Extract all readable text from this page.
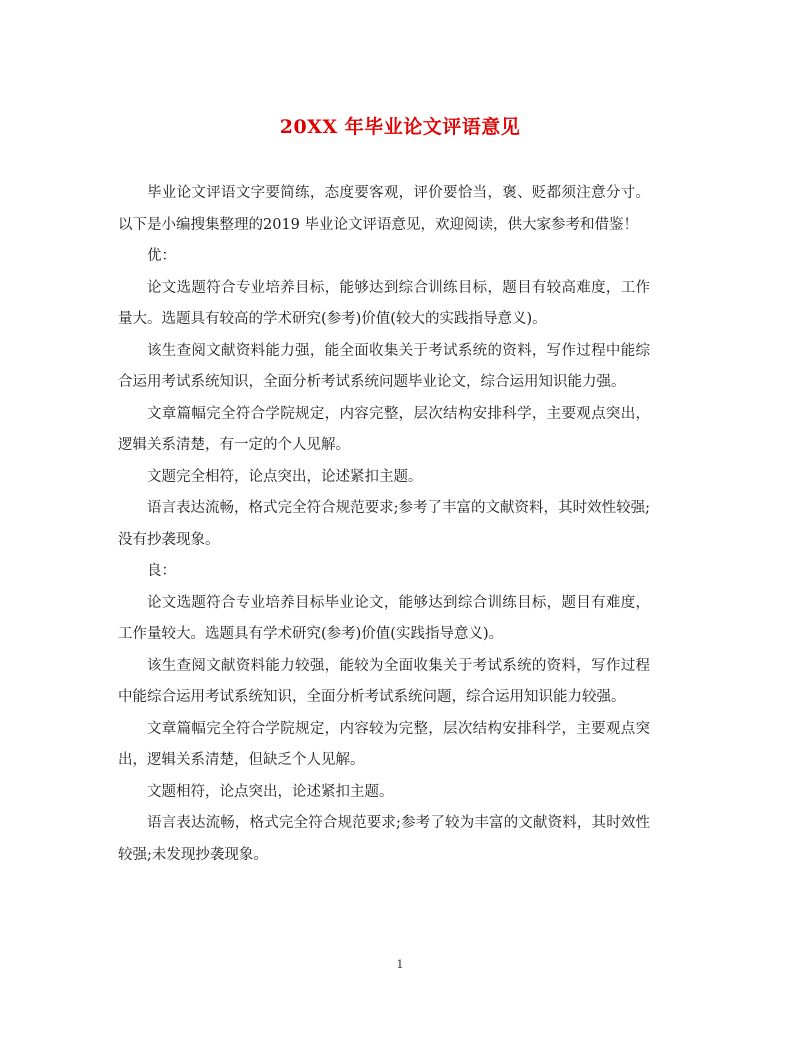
20XX 年毕业论文评语意见

毕业论文评语文字要简练，态度要客观，评价要恰当，褒、贬都须注意分寸。以下是小编搜集整理的2019 毕业论文评语意见，欢迎阅读，供大家参考和借鉴！

优：

论文选题符合专业培养目标，能够达到综合训练目标，题目有较高难度，工作量大。选题具有较高的学术研究(参考)价值(较大的实践指导意义)。

该生查阅文献资料能力强，能全面收集关于考试系统的资料，写作过程中能综合运用考试系统知识，全面分析考试系统问题毕业论文，综合运用知识能力强。

文章篇幅完全符合学院规定，内容完整，层次结构安排科学，主要观点突出，逻辑关系清楚，有一定的个人见解。

文题完全相符，论点突出，论述紧扣主题。

语言表达流畅，格式完全符合规范要求;参考了丰富的文献资料，其时效性较强;没有抄袭现象。

良：

论文选题符合专业培养目标毕业论文，能够达到综合训练目标，题目有难度，工作量较大。选题具有学术研究(参考)价值(实践指导意义)。

该生查阅文献资料能力较强，能较为全面收集关于考试系统的资料，写作过程中能综合运用考试系统知识，全面分析考试系统问题，综合运用知识能力较强。

文章篇幅完全符合学院规定，内容较为完整，层次结构安排科学，主要观点突出，逻辑关系清楚，但缺乏个人见解。

文题相符，论点突出，论述紧扣主题。

语言表达流畅，格式完全符合规范要求;参考了较为丰富的文献资料，其时效性较强;未发现抄袭现象。

1
